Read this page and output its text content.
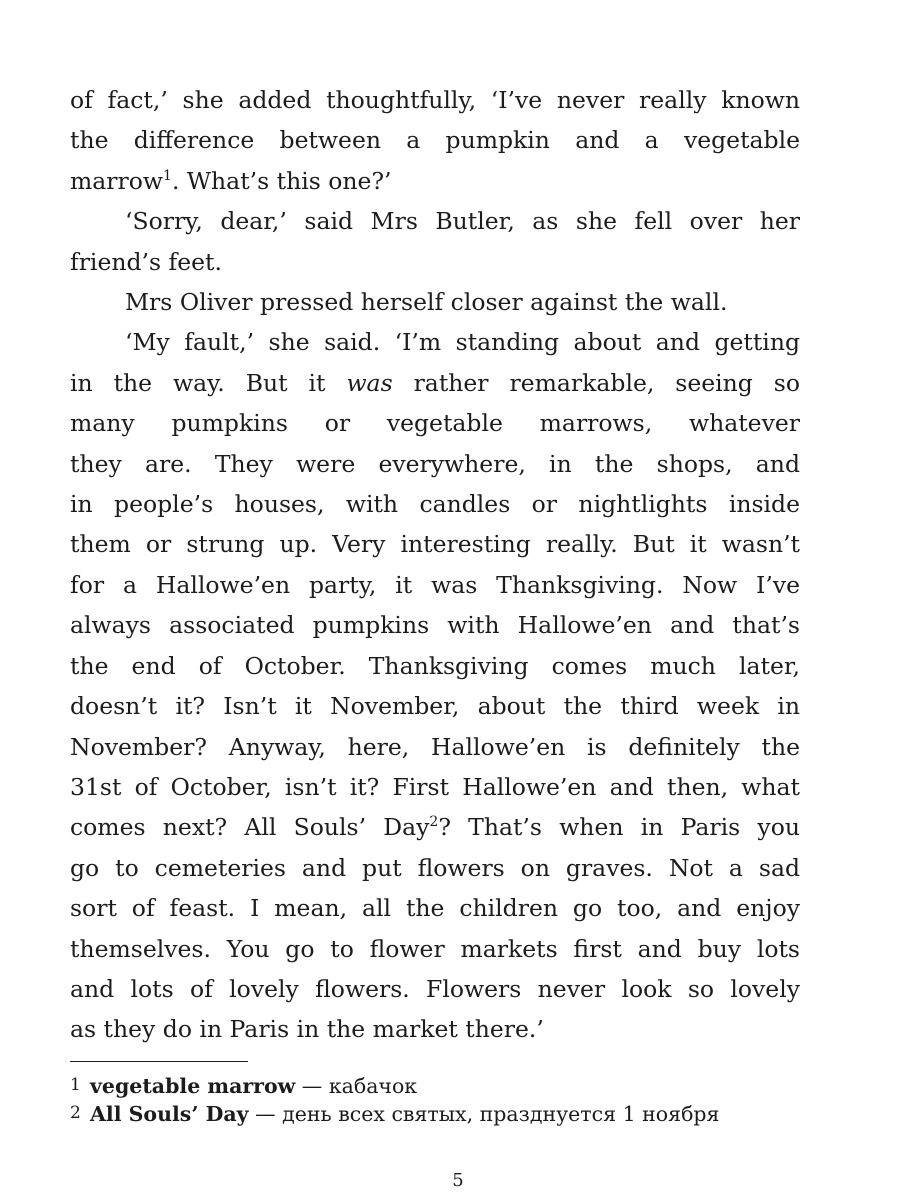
of fact,’ she added thoughtfully, ‘I’ve never really known
the difference between a pumpkin and a vegetable
marrow$^1$. What’s this one?’

‘Sorry, dear,’ said Mrs Butler, as she fell over her
friend’s feet.

Mrs Oliver pressed herself closer against the wall.

‘My fault,’ she said. ‘I’m standing about and getting
in the way. But it was rather remarkable, seeing so
many pumpkins or vegetable marrows, whatever
they are. They were everywhere, in the shops, and
in people’s houses, with candles or nightlights inside
them or strung up. Very interesting really. But it wasn’t
for a Hallowe’en party, it was Thanksgiving. Now I’ve
always associated pumpkins with Hallowe’en and that’s
the end of October. Thanksgiving comes much later,
doesn’t it? Isn’t it November, about the third week in
November? Anyway, here, Hallowe’en is definitely the
31st of October, isn’t it? First Hallowe’en and then, what
comes next? All Souls’ Day$^2$? That’s when in Paris you
go to cemeteries and put flowers on graves. Not a sad
sort of feast. I mean, all the children go too, and enjoy
themselves. You go to flower markets first and buy lots
and lots of lovely flowers. Flowers never look so lovely
as they do in Paris in the market there.’

1 vegetable marrow — кабачок
2 All Souls’ Day — день всех святых, празднуется 1 ноября
5
